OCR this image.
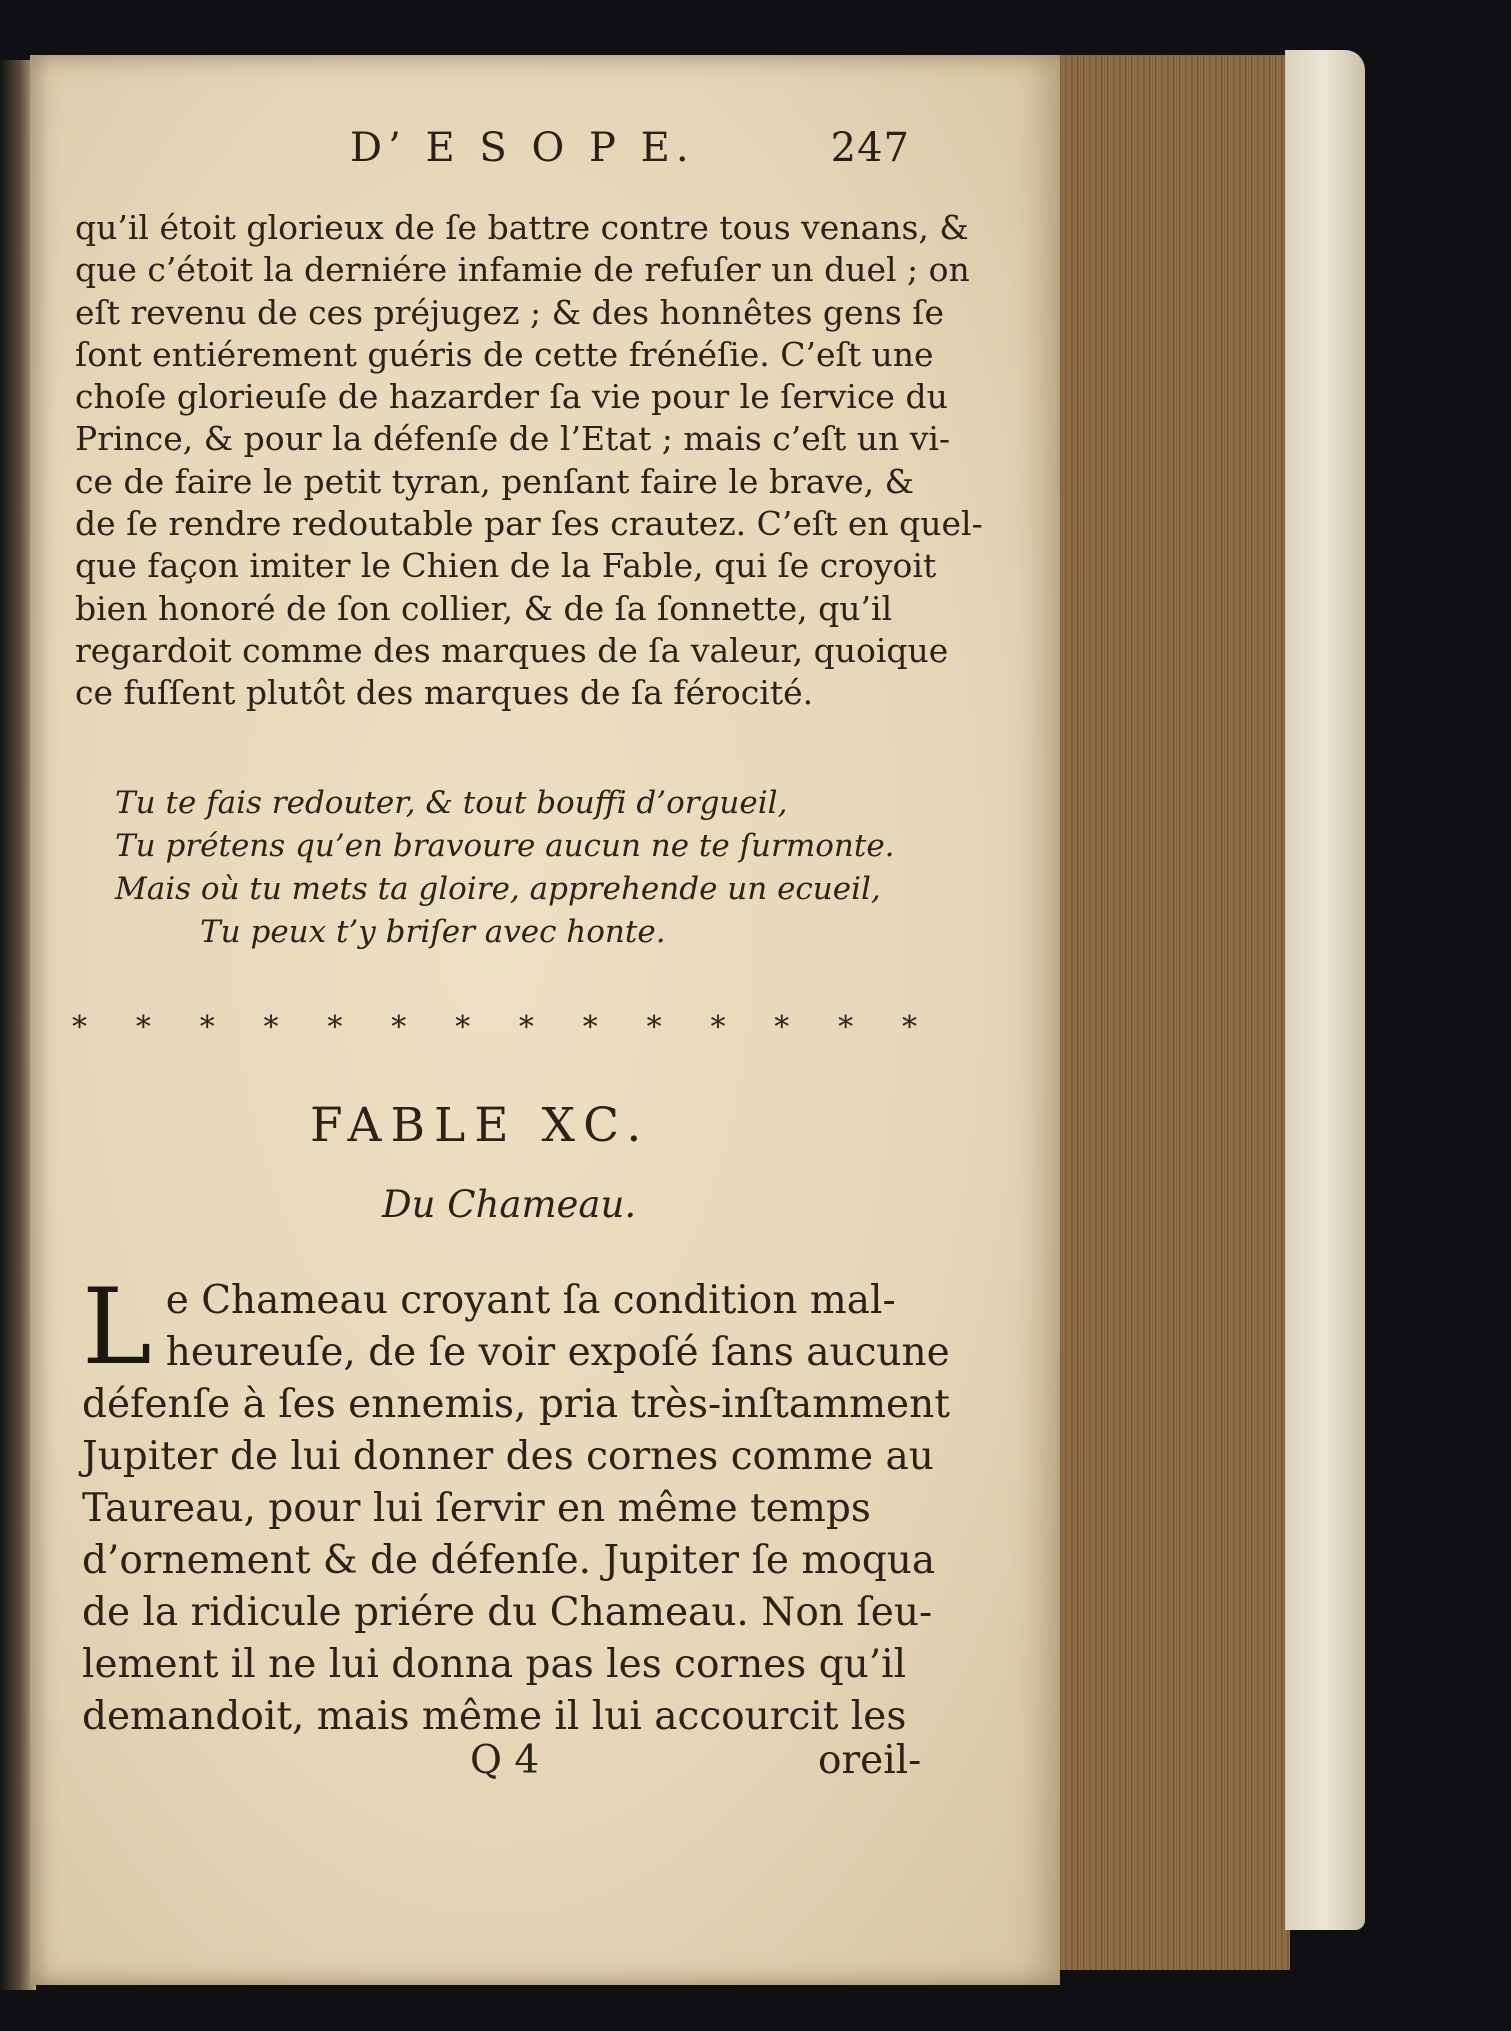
D’ E S O P E.	247
qu’il étoit glorieux de ſe battre contre tous venans, &
que c’étoit la derniére infamie de refuſer un duel ; on
eſt revenu de ces préjugez ; & des honnêtes gens ſe
ſont entiérement guéris de cette frénéſie. C’eſt une
choſe glorieuſe de hazarder ſa vie pour le ſervice du
Prince, & pour la défenſe de l’Etat ; mais c’eſt un vi-
ce de faire le petit tyran, penſant faire le brave, &
de ſe rendre redoutable par ſes crautez. C’eſt en quel-
que façon imiter le Chien de la Fable, qui ſe croyoit
bien honoré de ſon collier, & de ſa ſonnette, qu’il
regardoit comme des marques de ſa valeur, quoique
ce fuſſent plutôt des marques de ſa férocité.
Tu te fais redouter, & tout bouffi d’orgueil,
Tu prétens qu’en bravoure aucun ne te ſurmonte.
Mais où tu mets ta gloire, apprehende un ecueil,
Tu peux t’y briſer avec honte.
* * * * * * * * * * * * * *
FABLE XC.
Du Chameau.
L e Chameau croyant ſa condition mal-
heureuſe, de ſe voir expoſé ſans aucune
défenſe à ſes ennemis, pria très-inſtamment
Jupiter de lui donner des cornes comme au
Taureau, pour lui ſervir en même temps
d’ornement & de défenſe. Jupiter ſe moqua
de la ridicule priére du Chameau. Non ſeu-
lement il ne lui donna pas les cornes qu’il
demandoit, mais même il lui accourcit les
Q 4	oreil-
